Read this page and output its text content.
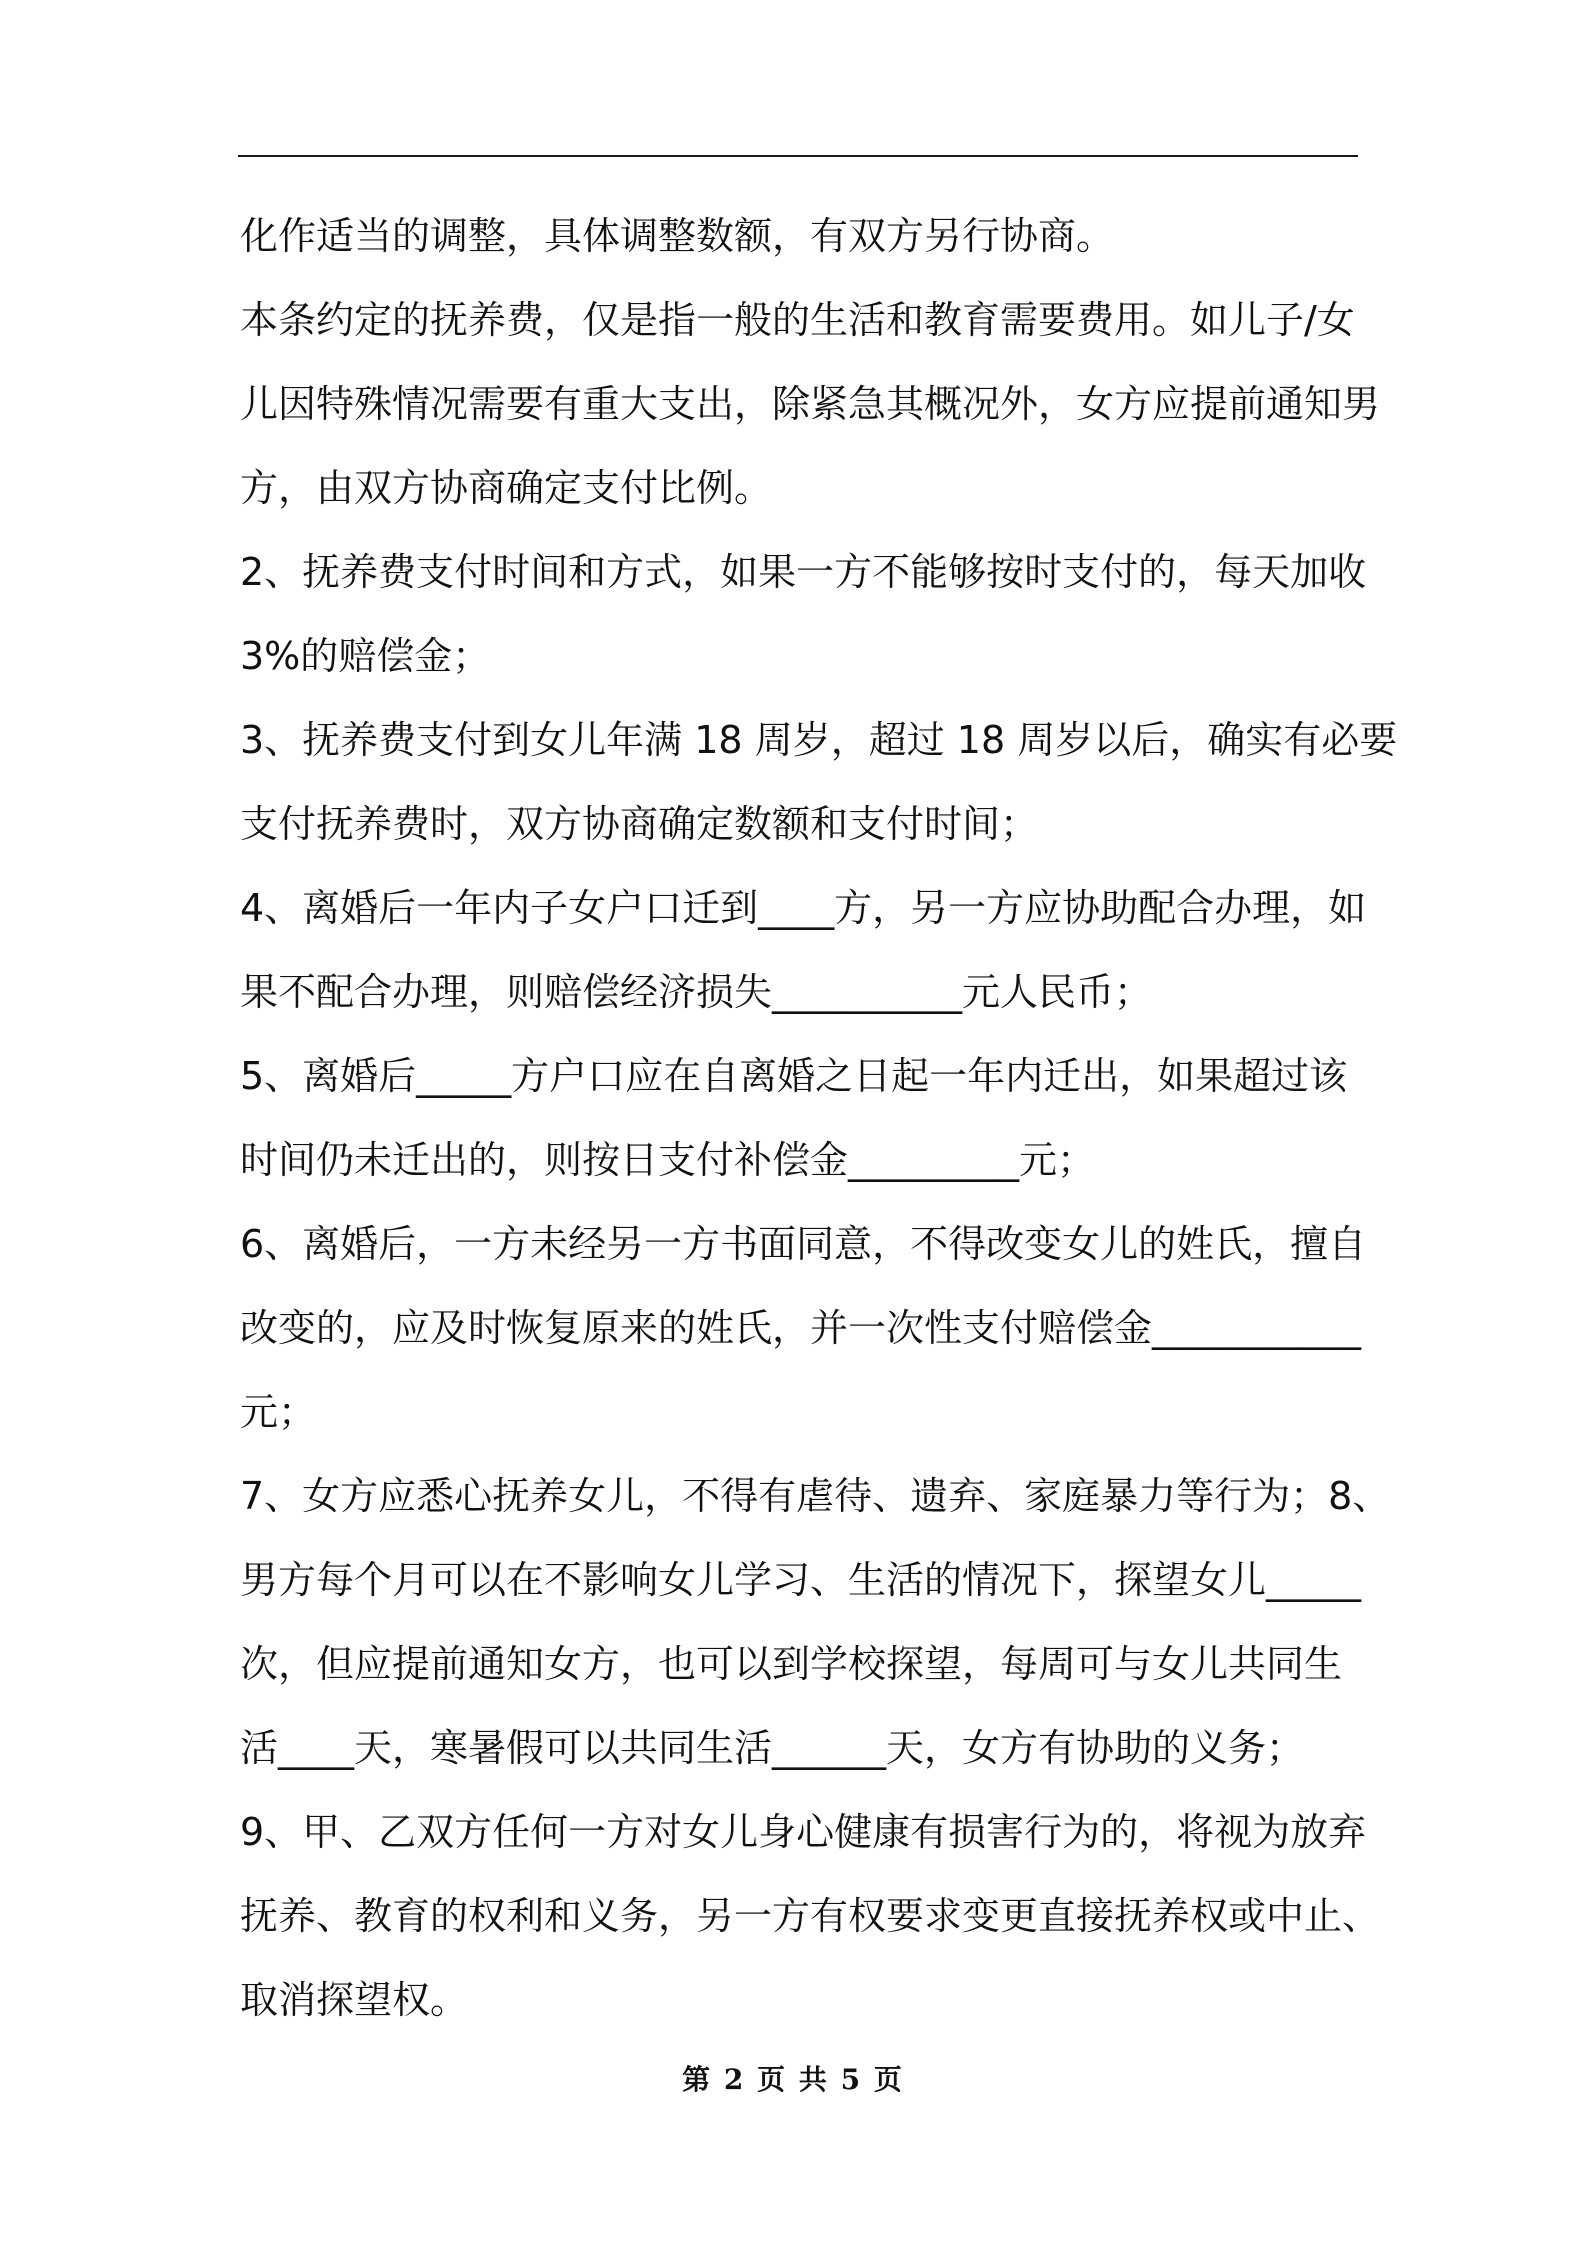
化作适当的调整，具体调整数额，有双方另行协商。
本条约定的抚养费，仅是指一般的生活和教育需要费用。如儿子/女
儿因特殊情况需要有重大支出，除紧急其概况外，女方应提前通知男
方，由双方协商确定支付比例。
2、抚养费支付时间和方式，如果一方不能够按时支付的，每天加收
3%的赔偿金；
3、抚养费支付到女儿年满 18 周岁，超过 18 周岁以后，确实有必要
支付抚养费时，双方协商确定数额和支付时间；
4、离婚后一年内子女户口迁到____方，另一方应协助配合办理，如
果不配合办理，则赔偿经济损失__________元人民币；
5、离婚后_____方户口应在自离婚之日起一年内迁出，如果超过该
时间仍未迁出的，则按日支付补偿金_________元；
6、离婚后，一方未经另一方书面同意，不得改变女儿的姓氏，擅自
改变的，应及时恢复原来的姓氏，并一次性支付赔偿金___________
元；
7、女方应悉心抚养女儿，不得有虐待、遗弃、家庭暴力等行为；8、
男方每个月可以在不影响女儿学习、生活的情况下，探望女儿_____
次，但应提前通知女方，也可以到学校探望，每周可与女儿共同生
活____天，寒暑假可以共同生活______天，女方有协助的义务；
9、甲、乙双方任何一方对女儿身心健康有损害行为的，将视为放弃
抚养、教育的权利和义务，另一方有权要求变更直接抚养权或中止、
取消探望权。
第 2 页 共 5 页
